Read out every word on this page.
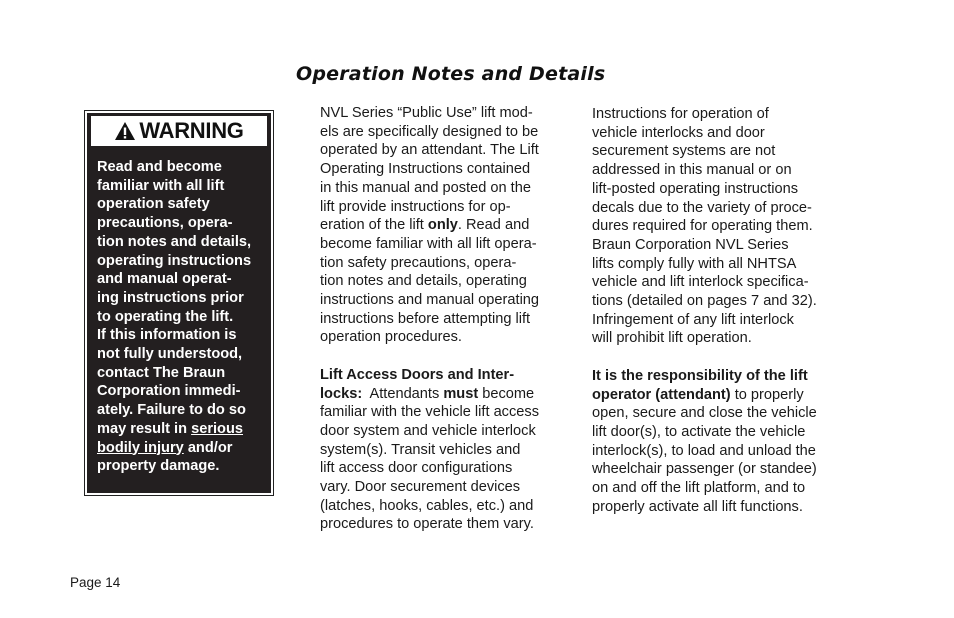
Operation Notes and Details
WARNING
Read and become
familiar with all lift
operation safety
precautions, opera-
tion notes and details,
operating instructions
and manual operat-
ing instructions prior
to operating the lift.
If this information is
not fully understood,
contact The Braun
Corporation immedi-
ately. Failure to do so
may result in serious
bodily injury and/or
property damage.
NVL Series “Public Use” lift mod-
els are specifically designed to be
operated by an attendant. The Lift
Operating Instructions contained
in this manual and posted on the
lift provide instructions for op-
eration of the lift only. Read and
become familiar with all lift opera-
tion safety precautions, opera-
tion notes and details, operating
instructions and manual operating
instructions before attempting lift
operation procedures.
Lift Access Doors and Inter-
locks:  Attendants must become
familiar with the vehicle lift access
door system and vehicle interlock
system(s). Transit vehicles and
lift access door configurations
vary. Door securement devices
(latches, hooks, cables, etc.) and
procedures to operate them vary.
Instructions for operation of
vehicle interlocks and door
securement systems are not
addressed in this manual or on
lift-posted operating instructions
decals due to the variety of proce-
dures required for operating them.
Braun Corporation NVL Series
lifts comply fully with all NHTSA
vehicle and lift interlock specifica-
tions (detailed on pages 7 and 32).
Infringement of any lift interlock
will prohibit lift operation.
It is the responsibility of the lift
operator (attendant) to properly
open, secure and close the vehicle
lift door(s), to activate the vehicle
interlock(s), to load and unload the
wheelchair passenger (or standee)
on and off the lift platform, and to
properly activate all lift functions.
Page 14
